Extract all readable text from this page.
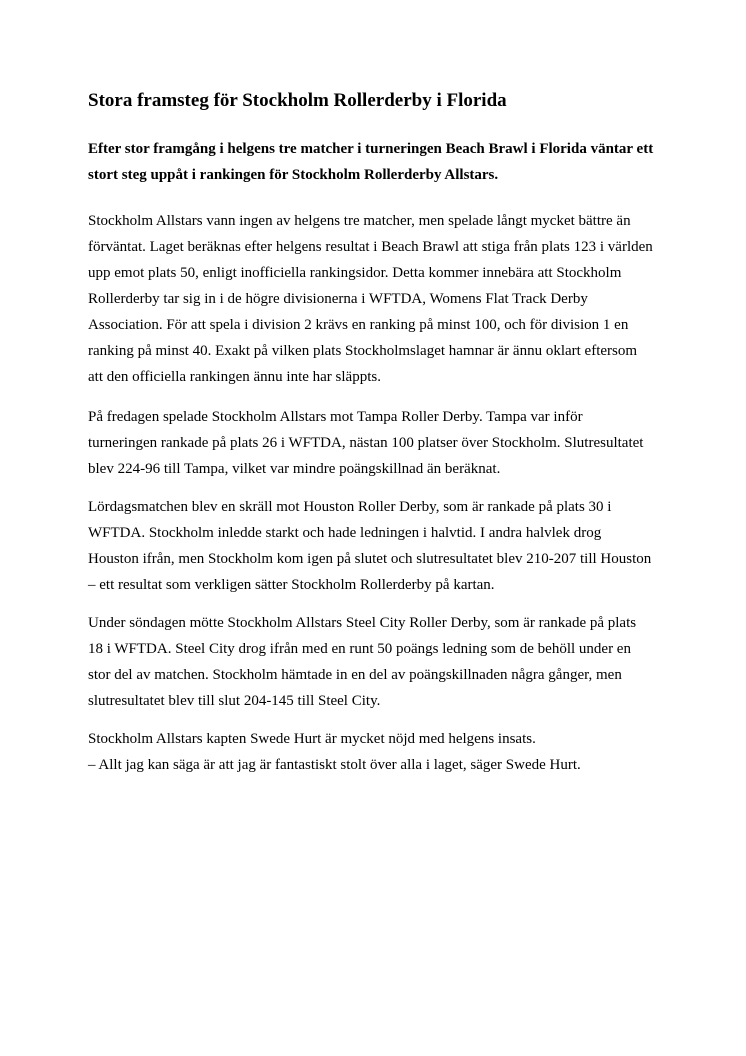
Stora framsteg för Stockholm Rollerderby i Florida

Efter stor framgång i helgens tre matcher i turneringen Beach Brawl i Florida väntar ett
stort steg uppåt i rankingen för Stockholm Rollerderby Allstars.

Stockholm Allstars vann ingen av helgens tre matcher, men spelade långt mycket bättre än
förväntat. Laget beräknas efter helgens resultat i Beach Brawl att stiga från plats 123 i världen
upp emot plats 50, enligt inofficiella rankingsidor. Detta kommer innebära att Stockholm
Rollerderby tar sig in i de högre divisionerna i WFTDA, Womens Flat Track Derby
Association. För att spela i division 2 krävs en ranking på minst 100, och för division 1 en
ranking på minst 40. Exakt på vilken plats Stockholmslaget hamnar är ännu oklart eftersom
att den officiella rankingen ännu inte har släppts.

På fredagen spelade Stockholm Allstars mot Tampa Roller Derby. Tampa var inför
turneringen rankade på plats 26 i WFTDA, nästan 100 platser över Stockholm. Slutresultatet
blev 224-96 till Tampa, vilket var mindre poängskillnad än beräknat.

Lördagsmatchen blev en skräll mot Houston Roller Derby, som är rankade på plats 30 i
WFTDA. Stockholm inledde starkt och hade ledningen i halvtid. I andra halvlek drog
Houston ifrån, men Stockholm kom igen på slutet och slutresultatet blev 210-207 till Houston
– ett resultat som verkligen sätter Stockholm Rollerderby på kartan.

Under söndagen mötte Stockholm Allstars Steel City Roller Derby, som är rankade på plats
18 i WFTDA. Steel City drog ifrån med en runt 50 poängs ledning som de behöll under en
stor del av matchen. Stockholm hämtade in en del av poängskillnaden några gånger, men
slutresultatet blev till slut 204-145 till Steel City.

Stockholm Allstars kapten Swede Hurt är mycket nöjd med helgens insats.
– Allt jag kan säga är att jag är fantastiskt stolt över alla i laget, säger Swede Hurt.
